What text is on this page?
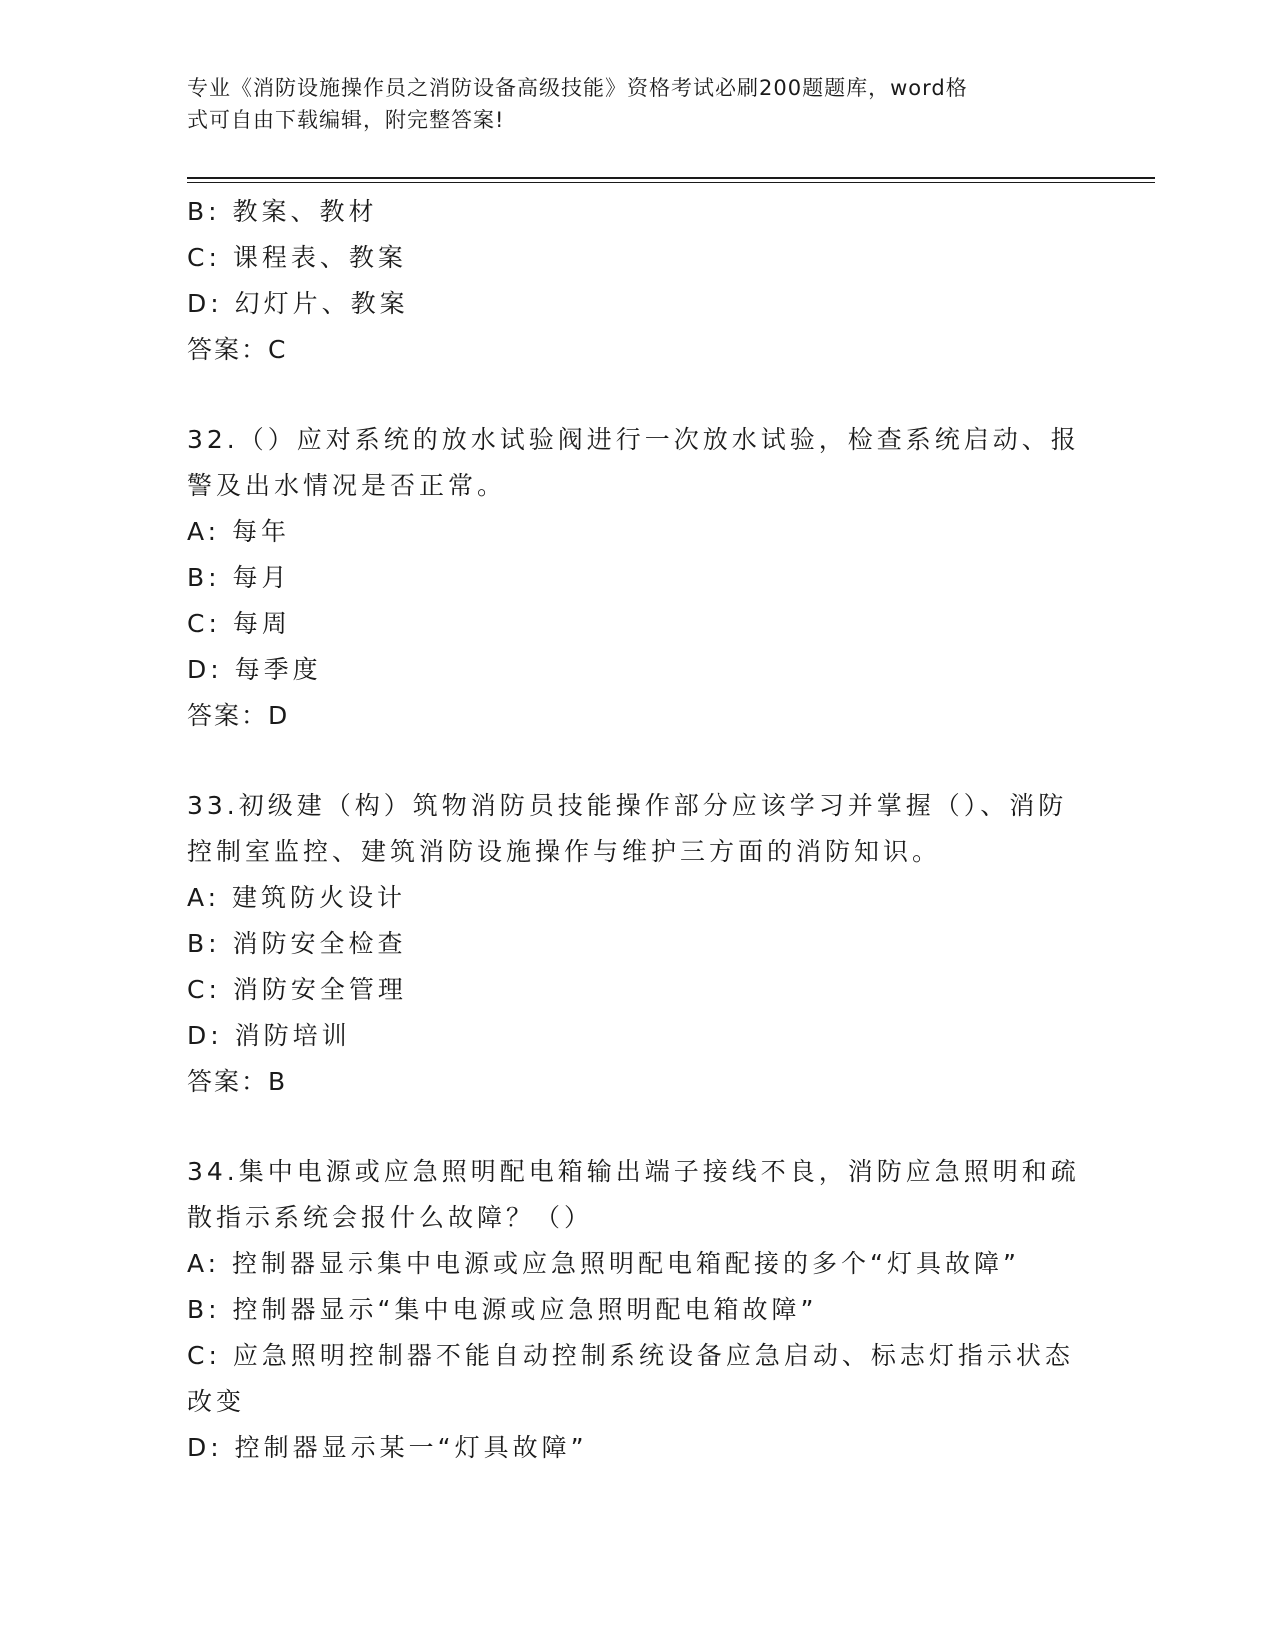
专业《消防设施操作员之消防设备高级技能》资格考试必刷200题题库，word格
式可自由下载编辑，附完整答案!
B: 教案、教材
C: 课程表、教案
D: 幻灯片、教案
答案：C
32.（）应对系统的放水试验阀进行一次放水试验，检查系统启动、报
警及出水情况是否正常。
A: 每年
B: 每月
C: 每周
D: 每季度
答案：D
33.初级建（构）筑物消防员技能操作部分应该学习并掌握（）、消防
控制室监控、建筑消防设施操作与维护三方面的消防知识。
A: 建筑防火设计
B: 消防安全检查
C: 消防安全管理
D: 消防培训
答案：B
34.集中电源或应急照明配电箱输出端子接线不良，消防应急照明和疏
散指示系统会报什么故障？（）
A: 控制器显示集中电源或应急照明配电箱配接的多个“灯具故障”
B: 控制器显示“集中电源或应急照明配电箱故障”
C: 应急照明控制器不能自动控制系统设备应急启动、标志灯指示状态
改变
D: 控制器显示某一“灯具故障”
